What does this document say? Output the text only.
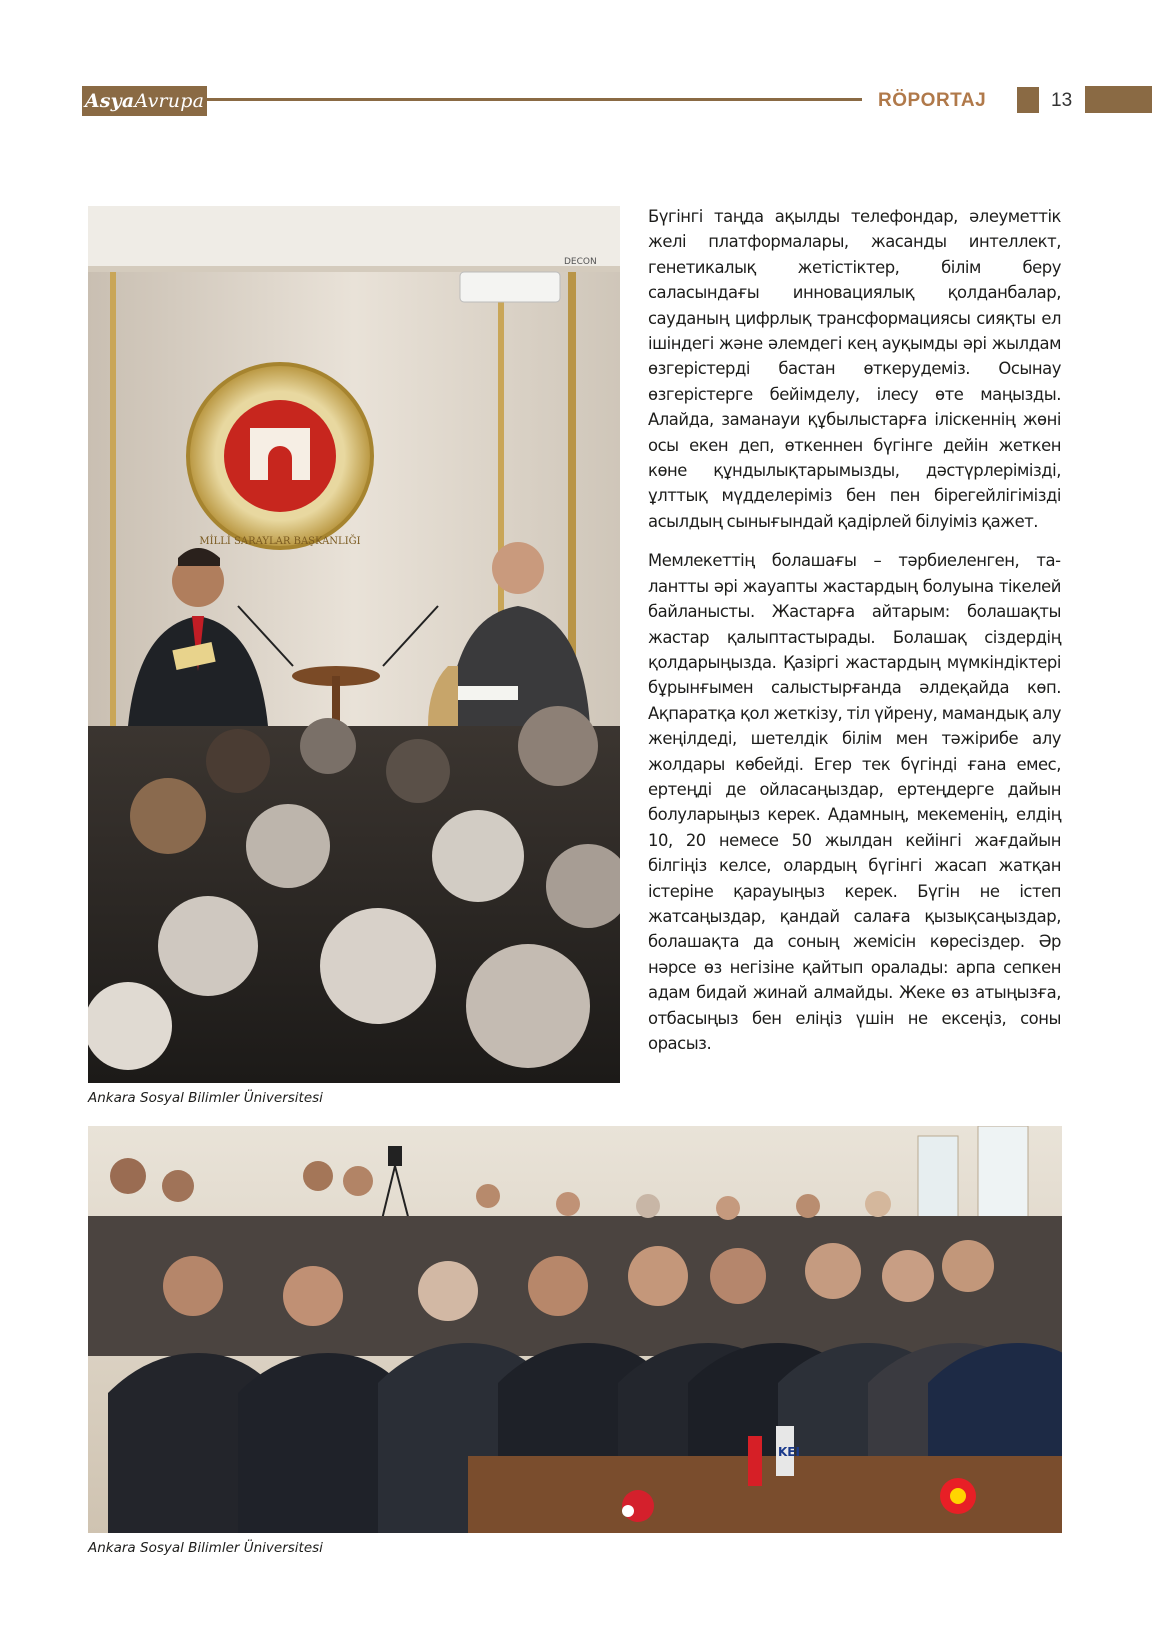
AsyaAvrupa	RÖPORTAJ	13
DECON
MİLLİ SARAYLAR BAŞKANLIĞI
Ankara Sosyal Bilimler Üniversitesi

Бүгінгі таңда ақылды телефондар, әлеуметтік желі платформалары, жасанды интеллект, генетикалық жетістіктер, білім беру саласындағы инновациялық қолданбалар, сауданың цифрлық трансформациясы сияқты ел ішіндегі және әлемдегі кең ауқымды әрі жылдам өзгерістерді бастан өткерудеміз. Осынау өзгерістерге бейімделу, ілесу өте маңызды. Алайда, заманауи құбылыстарға іліскеннің жөні осы екен деп, өткеннен бүгінге дейін жеткен көне құндылықтарымызды, дәстүрлерімізді, ұлттық мүдделеріміз бен пен бірегейлігімізді асылдың сынығындай қадірлей білуіміз қажет.

Мемлекеттің болашағы – тәрбиеленген, талантты әрі жауапты жастардың болуына тікелей байланысты. Жастарға айтарым: болашақты жастар қалыптастырады. Болашақ сіздердің қолдарыңызда. Қазіргі жастардың мүмкіндіктері бұрынғымен салыстырғанда әлдеқайда көп. Ақпаратқа қол жеткізу, тіл үйрену, мамандық алу жеңілдеді, шетелдік білім мен тәжірибе алу жолдары көбейді. Егер тек бүгінді ғана емес, ертеңді де ойласаңыздар, ертеңдерге дайын болуларыңыз керек. Адамның, мекеменің, елдің 10, 20 немесе 50 жылдан кейінгі жағдайын білгіңіз келсе, олардың бүгінгі жасап жатқан істеріне қарауыңыз керек. Бүгін не істеп жатсаңыздар, қандай салаға қызықсаңыздар, болашақта да соның жемісін көресіздер. Әр нәрсе өз негізіне қайтып оралады: арпа сепкен адам бидай жинай алмайды. Жеке өз атыңызға, отбасыңыз бен еліңіз үшін не ексеңіз, соны орасыз.

KEI
Ankara Sosyal Bilimler Üniversitesi
